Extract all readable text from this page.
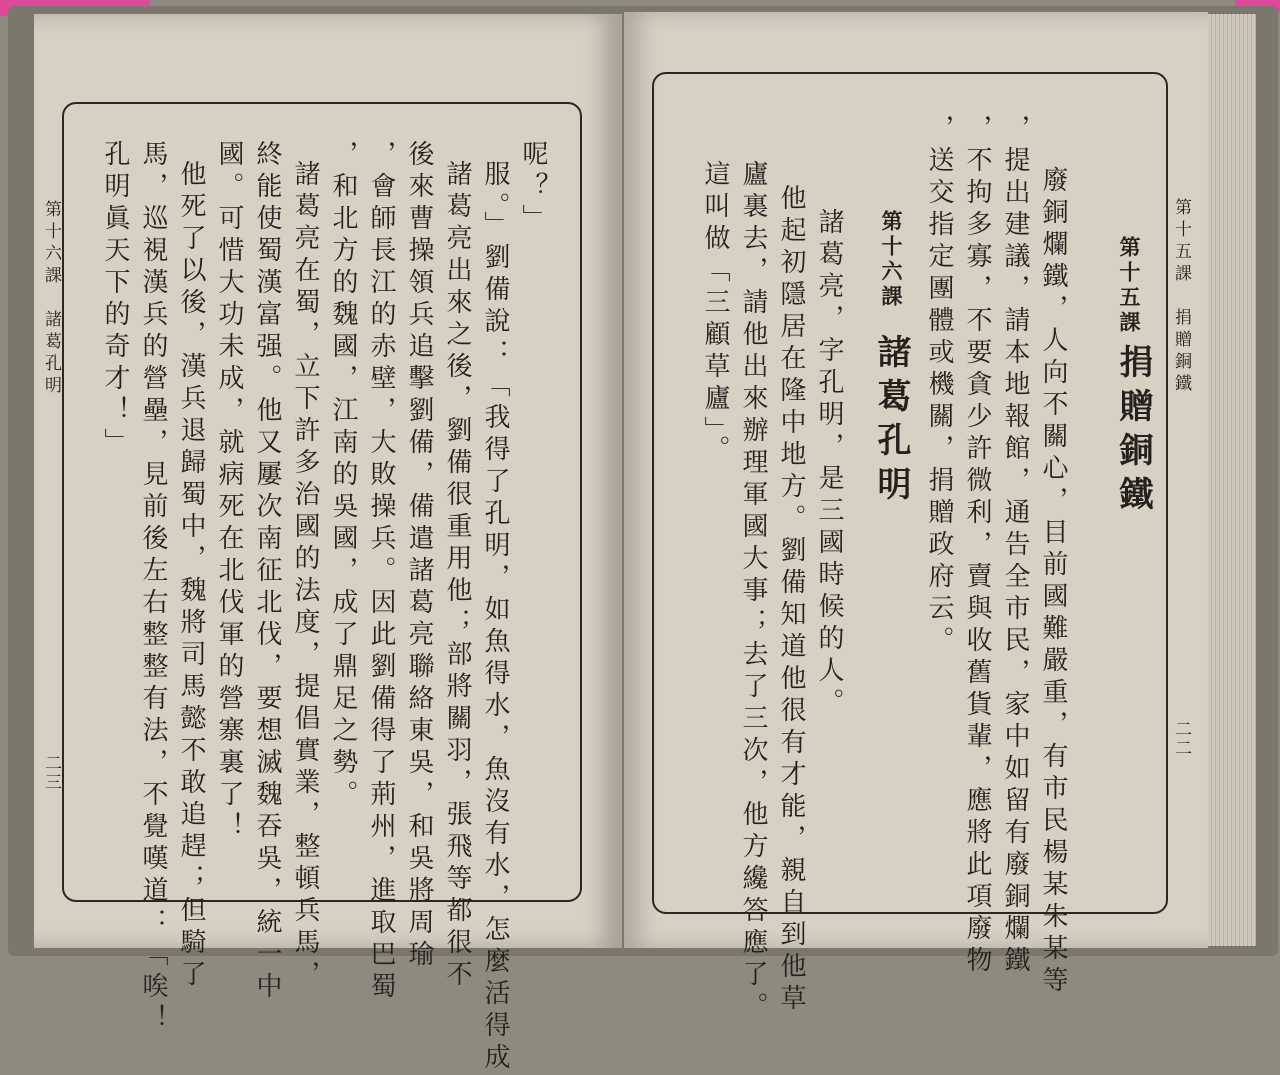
第十六課　諸葛孔明
二三
呢？」
服。」劉備說：「我得了孔明，如魚得水，魚沒有水，怎麼活得成
諸葛亮出來之後，劉備很重用他；部將關羽，張飛等都很不
後來曹操領兵追擊劉備，備遣諸葛亮聯絡東吳，和吳將周瑜
，會師長江的赤壁，大敗操兵。因此劉備得了荊州，進取巴蜀
，和北方的魏國，江南的吳國，成了鼎足之勢。
諸葛亮在蜀，立下許多治國的法度，提倡實業，整頓兵馬，
終能使蜀漢富强。他又屢次南征北伐，要想滅魏吞吳，統一中
國。可惜大功未成，就病死在北伐軍的營寨裏了！
他死了以後，漢兵退歸蜀中，魏將司馬懿不敢追趕；但騎了
馬，巡視漢兵的營壘，見前後左右整整有法，不覺嘆道：「唉！
孔明眞天下的奇才！」	第十五課　捐贈銅鐵
二二
第十五課
捐贈銅鐵
廢銅爛鐵，人向不關心，目前國難嚴重，有市民楊某朱某等
，提出建議，請本地報館，通告全市民，家中如留有廢銅爛鐵
，不拘多寡，不要貪少許微利，賣與收舊貨輩，應將此項廢物
，送交指定團體或機關，捐贈政府云。
第十六課
諸葛孔明
諸葛亮，字孔明，是三國時候的人。
他起初隱居在隆中地方。劉備知道他很有才能，親自到他草
廬裏去，請他出來辦理軍國大事；去了三次，他方纔答應了。
這叫做「三顧草廬」。
